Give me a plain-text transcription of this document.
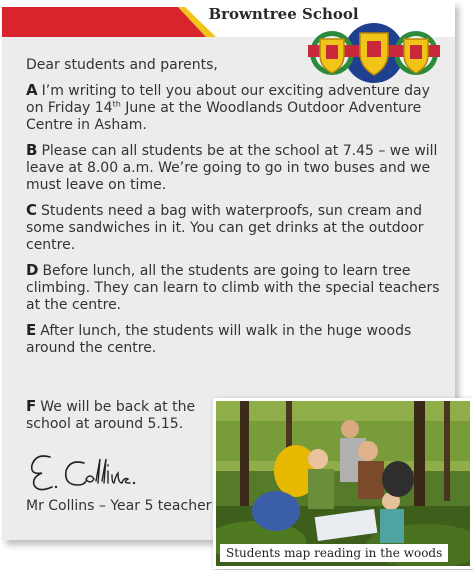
Browntree School

Dear students and parents,

A I’m writing to tell you about our exciting adventure day on Friday 14th June at the Woodlands Outdoor Adventure Centre in Asham.

B Please can all students be at the school at 7.45 – we will leave at 8.00 a.m. We’re going to go in two buses and we must leave on time.

C Students need a bag with waterproofs, sun cream and some sandwiches in it. You can get drinks at the outdoor centre.

D Before lunch, all the students are going to learn tree climbing. They can learn to climb with the special teachers at the centre.

E After lunch, the students will walk in the huge woods around the centre.

F We will be back at the school at around 5.15.
Mr Collins – Year 5 teacher
Students map reading in the woods
